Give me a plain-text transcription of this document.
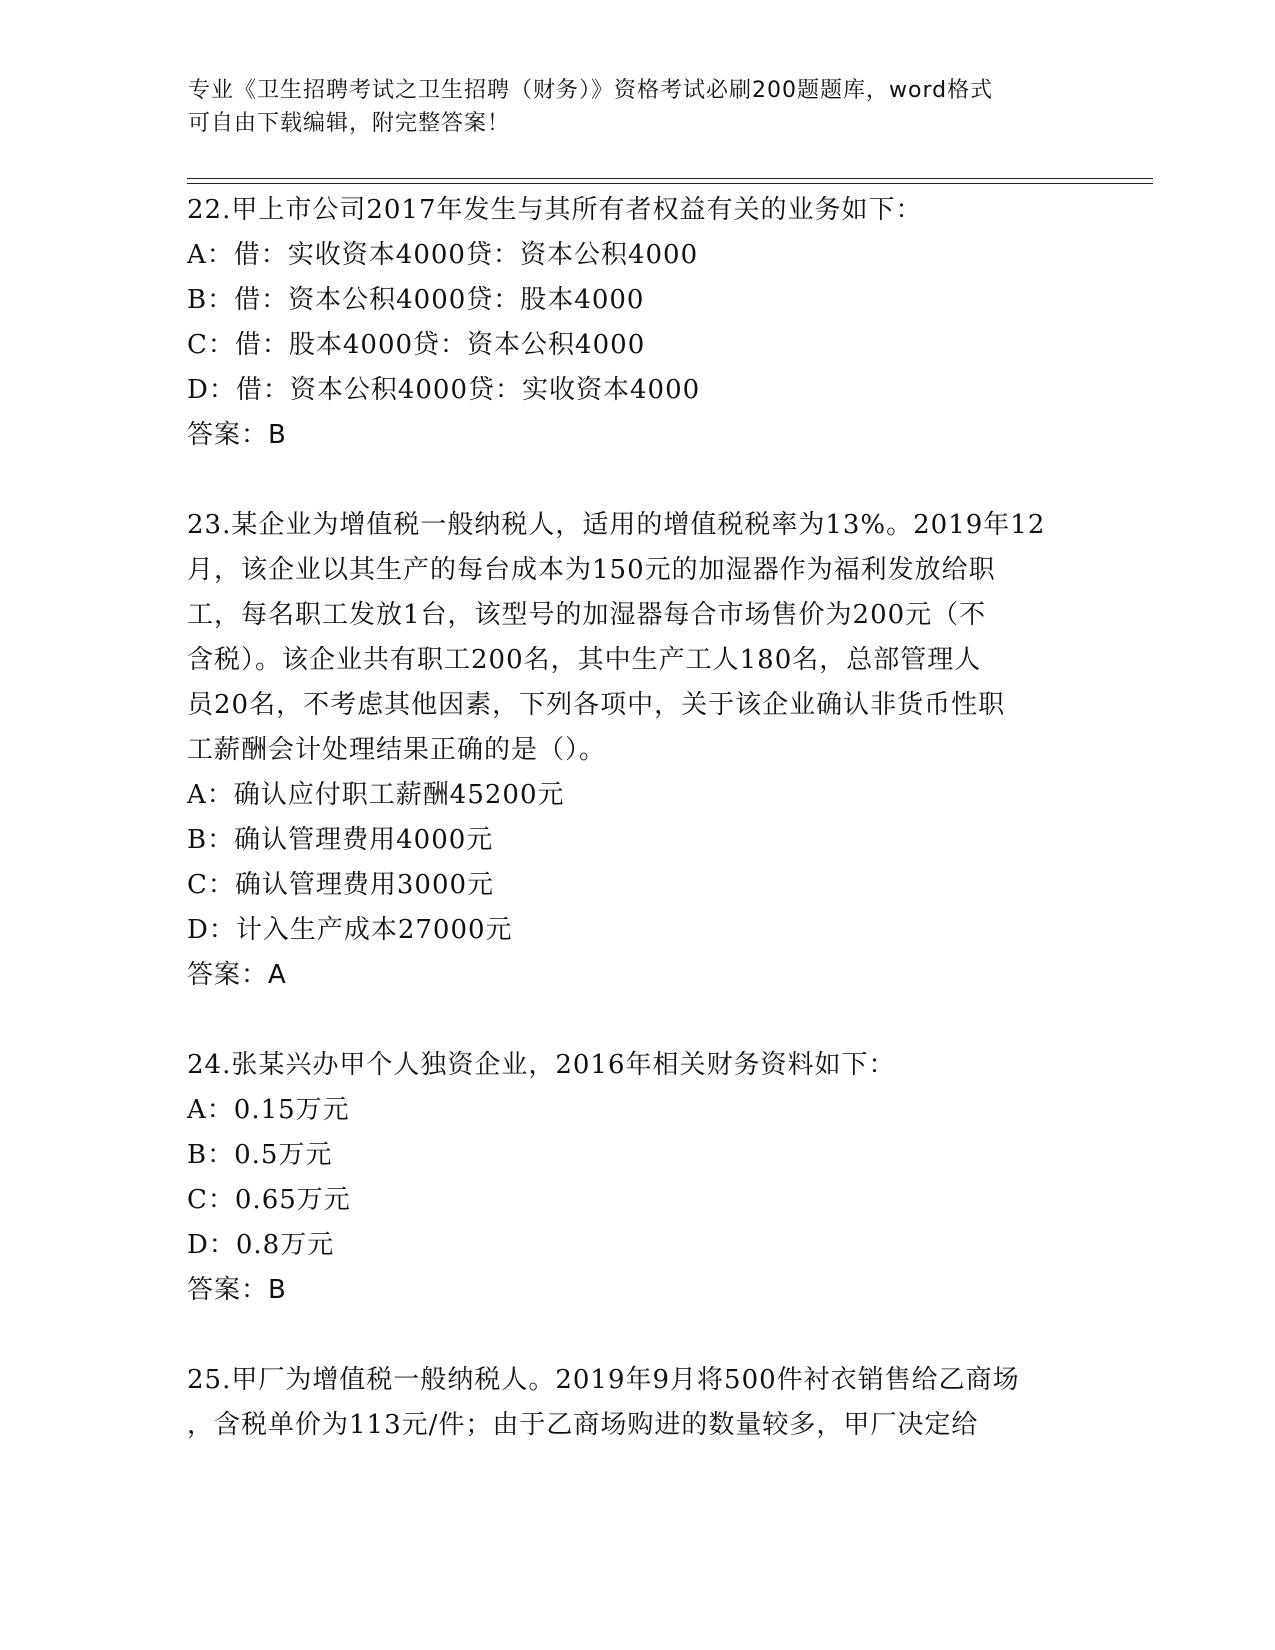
专业《卫生招聘考试之卫生招聘（财务）》资格考试必刷200题题库，word格式
可自由下载编辑，附完整答案！
22.甲上市公司2017年发生与其所有者权益有关的业务如下：
A：借：实收资本4000贷：资本公积4000
B：借：资本公积4000贷：股本4000
C：借：股本4000贷：资本公积4000
D：借：资本公积4000贷：实收资本4000
答案：B
23.某企业为增值税一般纳税人，适用的增值税税率为13%。2019年12
月，该企业以其生产的每台成本为150元的加湿器作为福利发放给职
工，每名职工发放1台，该型号的加湿器每合市场售价为200元（不
含税）。该企业共有职工200名，其中生产工人180名，总部管理人
员20名，不考虑其他因素，下列各项中，关于该企业确认非货币性职
工薪酬会计处理结果正确的是（）。
A：确认应付职工薪酬45200元
B：确认管理费用4000元
C：确认管理费用3000元
D：计入生产成本27000元
答案：A
24.张某兴办甲个人独资企业，2016年相关财务资料如下：
A：0.15万元
B：0.5万元
C：0.65万元
D：0.8万元
答案：B
25.甲厂为增值税一般纳税人。2019年9月将500件衬衣销售给乙商场
，含税单价为113元/件；由于乙商场购进的数量较多，甲厂决定给
